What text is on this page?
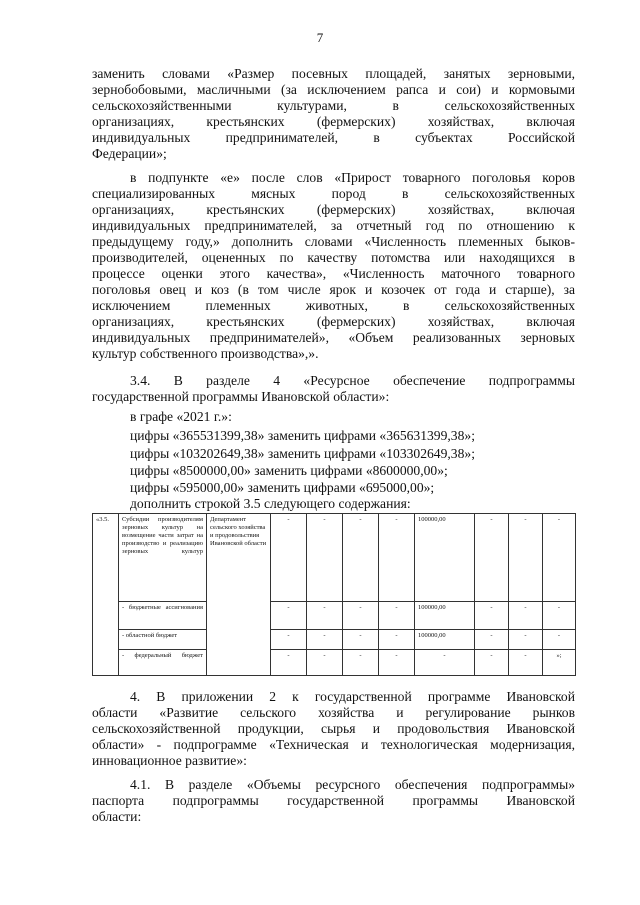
7
заменить словами «Размер посевных площадей, занятых зерновыми,
зернобобовыми, масличными (за исключением рапса и сои) и кормовыми
сельскохозяйственными культурами, в сельскохозяйственных
организациях, крестьянских (фермерских) хозяйствах, включая
индивидуальных предпринимателей, в субъектах Российской
Федерации»;
в подпункте «е» после слов «Прирост товарного поголовья коров
специализированных мясных пород в сельскохозяйственных
организациях, крестьянских (фермерских) хозяйствах, включая
индивидуальных предпринимателей, за отчетный год по отношению к
предыдущему году,» дополнить словами «Численность племенных быков-
производителей, оцененных по качеству потомства или находящихся в
процессе оценки этого качества», «Численность маточного товарного
поголовья овец и коз (в том числе ярок и козочек от года и старше), за
исключением племенных животных, в сельскохозяйственных
организациях, крестьянских (фермерских) хозяйствах, включая
индивидуальных предпринимателей», «Объем реализованных зерновых
культур собственного производства»,».
3.4. В разделе 4 «Ресурсное обеспечение подпрограммы
государственной программы Ивановской области»:
в графе «2021 г.»:
цифры «365531399,38» заменить цифрами «365631399,38»;
цифры «103202649,38» заменить цифрами «103302649,38»;
цифры «8500000,00» заменить цифрами «8600000,00»;
цифры «595000,00» заменить цифрами «695000,00»;
дополнить строкой 3.5 следующего содержания:
«3.5.	Субсидии производителям зерновых культур на возмещение части затрат на производство и реализацию зерновых культур	Департамент сельского хозяйства и продовольствия Ивановской области	-	-	-	-	100000,00	-	-	-
	- бюджетные ассигнования		-	-	-	-	100000,00	-	-	-
	- областной бюджет		-	-	-	-	100000,00	-	-	-
	- федеральный бюджет		-	-	-	-	-	-	-	»;
4. В приложении 2 к государственной программе Ивановской
области «Развитие сельского хозяйства и регулирование рынков
сельскохозяйственной продукции, сырья и продовольствия Ивановской
области» - подпрограмме «Техническая и технологическая модернизация,
инновационное развитие»:
4.1. В разделе «Объемы ресурсного обеспечения подпрограммы»
паспорта подпрограммы государственной программы Ивановской
области:
